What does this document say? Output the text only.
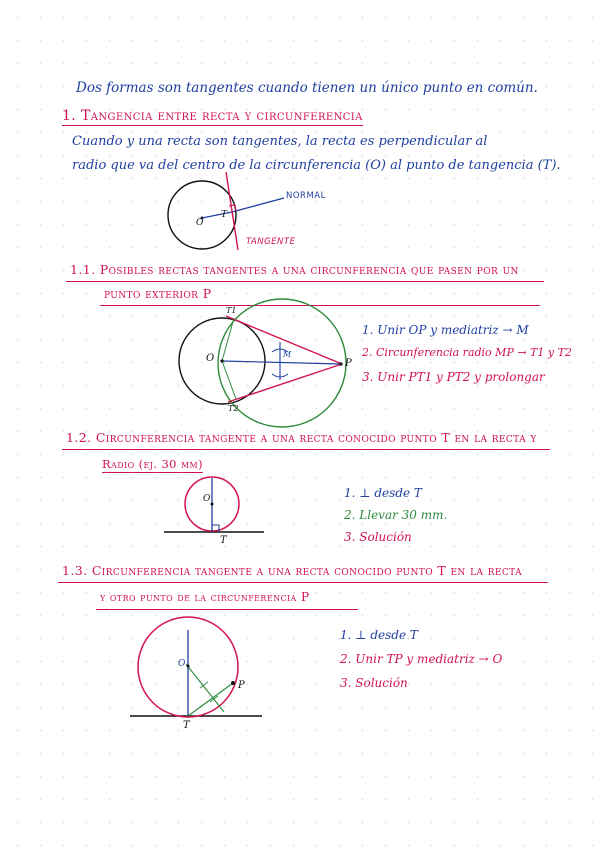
Dos formas son tangentes cuando tienen un único punto en común.
1. Tangencia entre recta y circunferencia
Cuando y una recta son tangentes, la recta es perpendicular al
radio que va del centro de la circunferencia (O) al punto de tangencia (T).
O
T
NORMAL
TANGENTE
1.1. Posibles rectas tangentes a una circunferencia que pasen por un
punto exterior P
O	P
M
T1
T2
1. Unir OP y mediatriz → M
2. Circunferencia radio MP → T1 y T2
3. Unir PT1 y PT2 y prolongar
1.2. Circunferencia tangente a una recta conocido punto T en la recta y
Radio (ej. 30 mm)
O
T
1. ⊥ desde T
2. Llevar 30 mm.
3. Solución
1.3. Circunferencia tangente a una recta conocido punto T en la recta
y otro punto de la circunferencia P
O
T
P
1. ⊥ desde T
2. Unir TP y mediatriz → O
3. Solución
